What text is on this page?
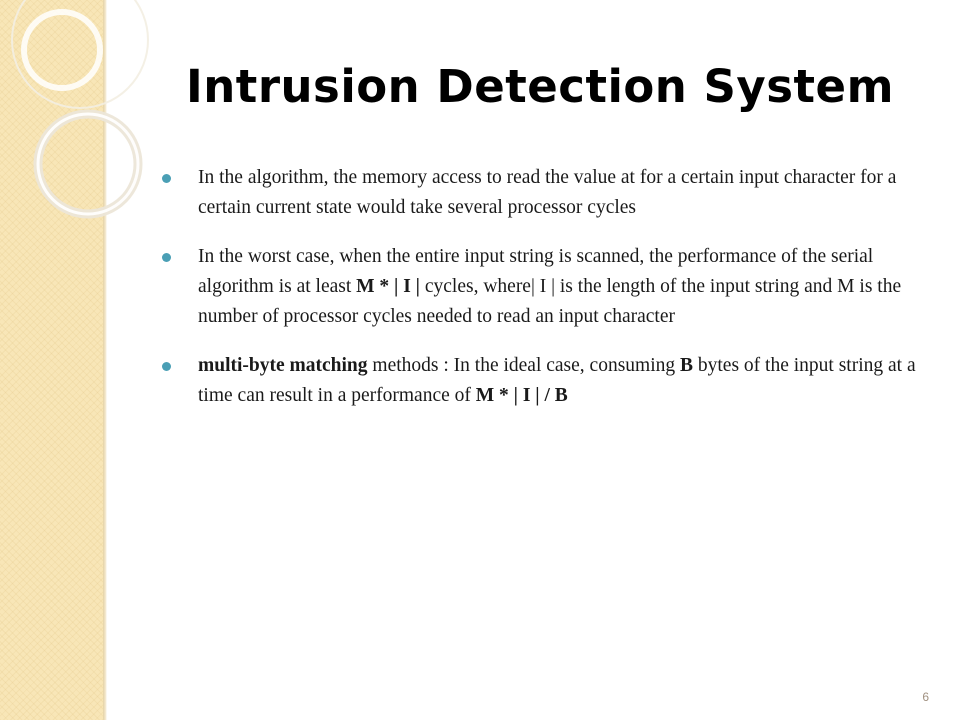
Intrusion Detection System
In the algorithm, the memory access to read the value at for a certain input character for a certain current state would take several processor cycles
In the worst case, when the entire input string is scanned, the performance of the serial algorithm is at least M * | I | cycles, where| I | is the length of the input string and M is the number of processor cycles needed to read an input character
multi-byte matching methods : In the ideal case, consuming B bytes of the input string at a time can result in a performance of M * | I | / B
6
